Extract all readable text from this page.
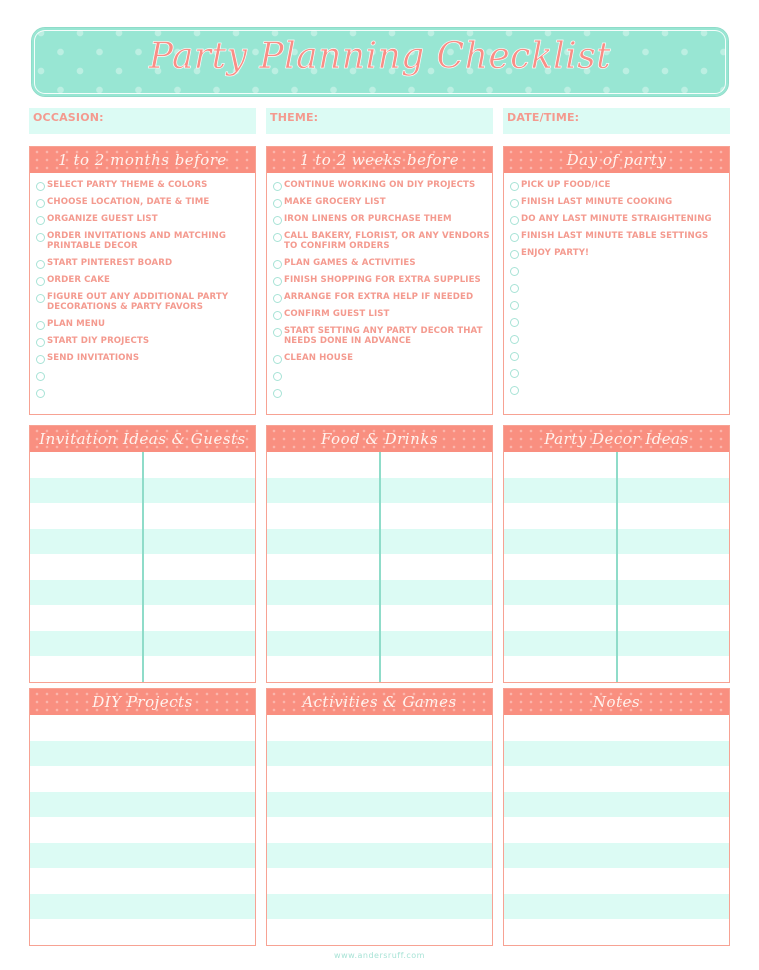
Party Planning Checklist
OCCASION:	THEME:	DATE/TIME:
1 to 2 months before
SELECT PARTY THEME & COLORS
CHOOSE LOCATION, DATE & TIME
ORGANIZE GUEST LIST
ORDER INVITATIONS AND MATCHING PRINTABLE DECOR
START PINTEREST BOARD
ORDER CAKE
FIGURE OUT ANY ADDITIONAL PARTY DECORATIONS & PARTY FAVORS
PLAN MENU
START DIY PROJECTS
SEND INVITATIONS
1 to 2 weeks before
CONTINUE WORKING ON DIY PROJECTS
MAKE GROCERY LIST
IRON LINENS OR PURCHASE THEM
CALL BAKERY, FLORIST, OR ANY VENDORS TO CONFIRM ORDERS
PLAN GAMES & ACTIVITIES
FINISH SHOPPING FOR EXTRA SUPPLIES
ARRANGE FOR EXTRA HELP IF NEEDED
CONFIRM GUEST LIST
START SETTING ANY PARTY DECOR THAT NEEDS DONE IN ADVANCE
CLEAN HOUSE
Day of party
PICK UP FOOD/ICE
FINISH LAST MINUTE COOKING
DO ANY LAST MINUTE STRAIGHTENING
FINISH LAST MINUTE TABLE SETTINGS
ENJOY PARTY!
Invitation Ideas & Guests	Food & Drinks	Party Decor Ideas
DIY Projects	Activities & Games	Notes
www.andersruff.com
